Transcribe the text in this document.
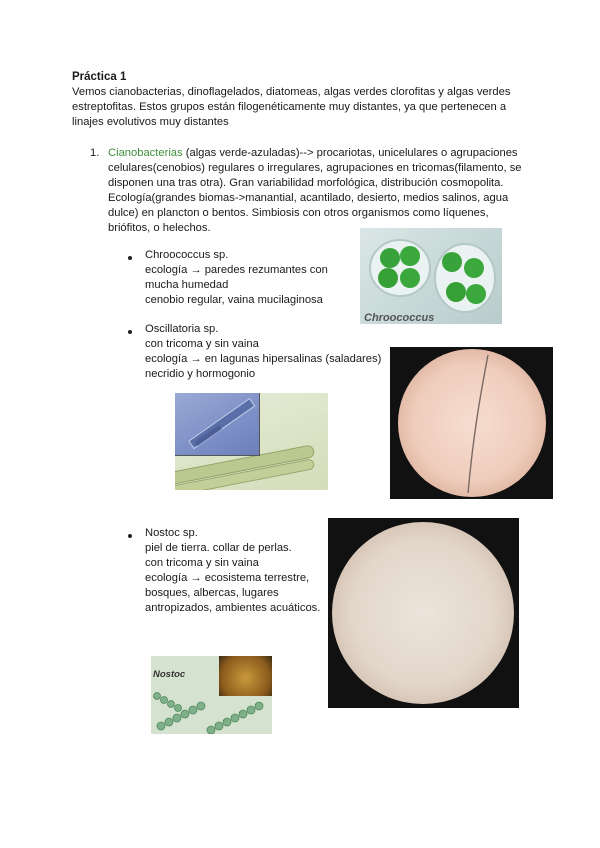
Práctica 1
Vemos cianobacterias, dinoflagelados, diatomeas, algas verdes clorofitas y algas verdes
estreptofitas. Estos grupos están filogenéticamente muy distantes, ya que pertenecen a
linajes evolutivos muy distantes
1. Cianobacterias (algas verde-azuladas)--> procariotas, unicelulares o agrupaciones
celulares(cenobios) regulares o irregulares, agrupaciones en tricomas(filamento, se
disponen una tras otra). Gran variabilidad morfológica, distribución cosmopolita.
Ecología(grandes biomas->manantial, acantilado, desierto, medios salinos, agua
dulce) en plancton o bentos. Simbiosis con otros organismos como líquenes,
briófitos, o helechos.
Chroococcus sp.
ecología → paredes rezumantes con
mucha humedad
cenobio regular, vaina mucilaginosa
Chroococcus
Oscillatoria sp.
con tricoma y sin vaina
ecología → en lagunas hipersalinas (saladares)
necridio y hormogonio
Nostoc sp.
piel de tierra. collar de perlas.
con tricoma y sin vaina
ecología → ecosistema terrestre,
bosques, albercas, lugares
antropizados, ambientes acuáticos.
Nostoc
